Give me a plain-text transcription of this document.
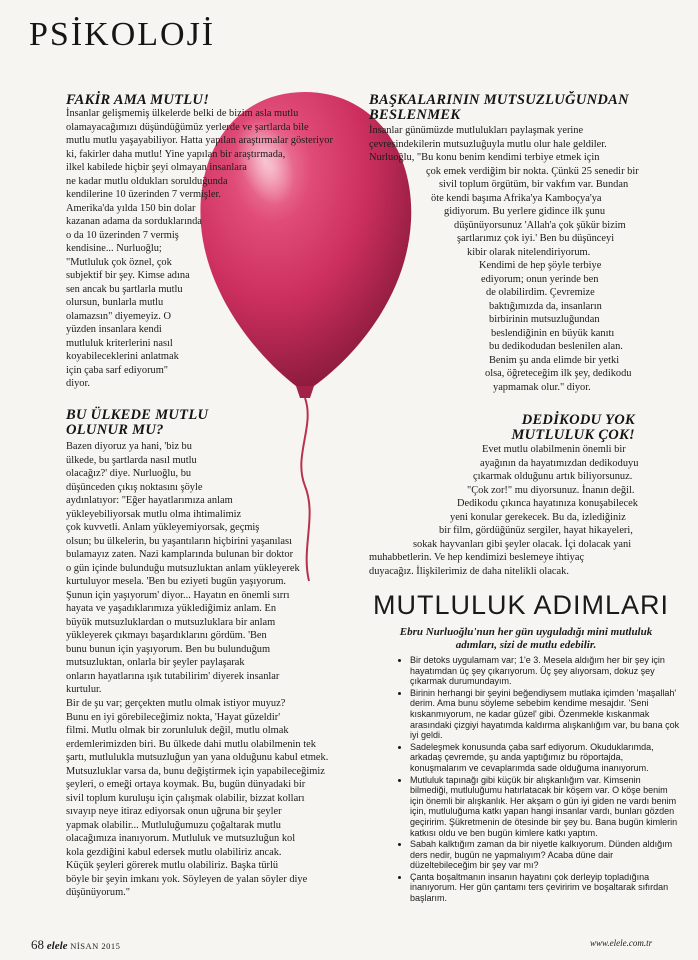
PSİKOLOJİ
FAKİR AMA MUTLU!
İnsanlar gelişmemiş ülkelerde belki de bizim asla mutlu
olamayacağımızı düşündüğümüz yerlerde ve şartlarda bile
mutlu mutlu yaşayabiliyor. Hatta yapılan araştırmalar gösteriyor
ki, fakirler daha mutlu! Yine yapılan bir araştırmada,
ilkel kabilede hiçbir şeyi olmayan insanlara
ne kadar mutlu oldukları sorulduğunda
kendilerine 10 üzerinden 7 vermişler.
Amerika'da yılda 150 bin dolar
kazanan adama da sorduklarında
o da 10 üzerinden 7 vermiş
kendisine... Nurluoğlu;
"Mutluluk çok öznel, çok
subjektif bir şey. Kimse adına
sen ancak bu şartlarla mutlu
olursun, bunlarla mutlu
olamazsın" diyemeyiz. O
yüzden insanlara kendi
mutluluk kriterlerini nasıl
koyabileceklerini anlatmak
için çaba sarf ediyorum"
diyor.
BU ÜLKEDE MUTLU
OLUNUR MU?
Bazen diyoruz ya hani, 'biz bu
ülkede, bu şartlarda nasıl mutlu
olacağız?' diye. Nurluoğlu, bu
düşünceden çıkış noktasını şöyle
aydınlatıyor: "Eğer hayatlarımıza anlam
yükleyebiliyorsak mutlu olma ihtimalimiz
çok kuvvetli. Anlam yükleyemiyorsak, geçmiş
olsun; bu ülkelerin, bu yaşantıların hiçbirini yaşanılası
bulamayız zaten. Nazi kamplarında bulunan bir doktor
o gün içinde bulunduğu mutsuzluktan anlam yükleyerek
kurtuluyor mesela. 'Ben bu eziyeti bugün yaşıyorum.
Şunun için yaşıyorum' diyor... Hayatın en önemli sırrı
hayata ve yaşadıklarımıza yüklediğimiz anlam. En
büyük mutsuzluklardan o mutsuzluklara bir anlam
yükleyerek çıkmayı başardıklarını gördüm. 'Ben
bunu bunun için yaşıyorum. Ben bu bulunduğum
mutsuzluktan, onlarla bir şeyler paylaşarak
onların hayatlarına ışık tutabilirim' diyerek insanlar
kurtulur.
Bir de şu var; gerçekten mutlu olmak istiyor muyuz?
Bunu en iyi görebileceğimiz nokta, 'Hayat güzeldir'
filmi. Mutlu olmak bir zorunluluk değil, mutlu olmak
erdemlerimizden biri. Bu ülkede dahi mutlu olabilmenin tek
şartı, mutlulukla mutsuzluğun yan yana olduğunu kabul etmek.
Mutsuzluklar varsa da, bunu değiştirmek için yapabileceğimiz
şeyleri, o emeği ortaya koymak. Bu, bugün dünyadaki bir
sivil toplum kuruluşu için çalışmak olabilir, bizzat kolları
sıvayıp neye itiraz ediyorsak onun uğruna bir şeyler
yapmak olabilir... Mutluluğumuzu çoğaltarak mutlu
olacağımıza inanıyorum. Mutluluk ve mutsuzluğun kol
kola gezdiğini kabul edersek mutlu olabiliriz ancak.
Küçük şeyleri görerek mutlu olabiliriz. Başka türlü
böyle bir şeyin imkanı yok. Söyleyen de yalan söyler diye
düşünüyorum."
BAŞKALARININ MUTSUZLUĞUNDAN
BESLENMEK
İnsanlar günümüzde mutlulukları paylaşmak yerine
çevresindekilerin mutsuzluğuyla mutlu olur hale geldiler.
Nurluoğlu, "Bu konu benim kendimi terbiye etmek için
çok emek verdiğim bir nokta. Çünkü 25 senedir bir
sivil toplum örgütüm, bir vakfım var. Bundan
öte kendi başıma Afrika'ya Kamboçya'ya
gidiyorum. Bu yerlere gidince ilk şunu
düşünüyorsunuz 'Allah'a çok şükür bizim
şartlarımız çok iyi.' Ben bu düşünceyi
kibir olarak nitelendiriyorum.
Kendimi de hep şöyle terbiye
ediyorum; onun yerinde ben
de olabilirdim. Çevremize
baktığımızda da, insanların
birbirinin mutsuzluğundan
beslendiğinin en büyük kanıtı
bu dedikodudan beslenilen alan.
Benim şu anda elimde bir yetki
olsa, öğreteceğim ilk şey, dedikodu
yapmamak olur." diyor.
DEDİKODU YOK
MUTLULUK ÇOK!
Evet mutlu olabilmenin önemli bir
ayağının da hayatımızdan dedikoduyu
çıkarmak olduğunu artık biliyorsunuz.
"Çok zor!" mu diyorsunuz. İnanın değil.
Dedikodu çıkınca hayatınıza konuşabilecek
yeni konular gerekecek. Bu da, izlediğiniz
bir film, gördüğünüz sergiler, hayat hikayeleri,
sokak hayvanları gibi şeyler olacak. İçi dolacak yani
muhabbetlerin. Ve hep kendimizi beslemeye ihtiyaç
duyacağız. İlişkilerimiz de daha nitelikli olacak.
MUTLULUK ADIMLARI
Ebru Nurluoğlu'nun her gün uyguladığı mini mutluluk adımları, sizi de mutlu edebilir.
• Bir detoks uygulamam var; 1'e 3. Mesela aldığım her bir şey için hayatımdan üç şey çıkarıyorum. Üç şey alıyorsam, dokuz şey çıkarmak durumundayım.
• Birinin herhangi bir şeyini beğendiysem mutlaka içimden 'maşallah' derim. Ama bunu söyleme sebebim kendime mesajdır. 'Seni kıskanmıyorum, ne kadar güzel' gibi. Özenmekle kıskanmak arasındaki çizgiyi hayatımda kaldırma alışkanlığım var, bu bana çok iyi geldi.
• Sadeleşmek konusunda çaba sarf ediyorum. Okuduklarımda, arkadaş çevremde, şu anda yaptığımız bu röportajda, konuşmalarım ve cevaplarımda sade olduğuma inanıyorum.
• Mutluluk tapınağı gibi küçük bir alışkanlığım var. Kimsenin bilmediği, mutluluğumu hatırlatacak bir köşem var. O köşe benim için önemli bir alışkanlık. Her akşam o gün iyi giden ne vardı benim için, mutluluğuma katkı yapan hangi insanlar vardı, bunları gözden geçiririm. Şükretmenin de ötesinde bir şey bu. Bana bugün kimlerin katkısı oldu ve ben bugün kimlere katkı yaptım.
• Sabah kalktığım zaman da bir niyetle kalkıyorum. Dünden aldığım ders nedir, bugün ne yapmalıyım? Acaba düne dair düzeltebileceğim bir şey var mı?
• Çanta boşaltmanın insanın hayatını çok derleyip topladığına inanıyorum. Her gün çantamı ters çeviririm ve boşaltarak sıfırdan başlarım.
68 elele NİSAN 2015	www.elele.com.tr
